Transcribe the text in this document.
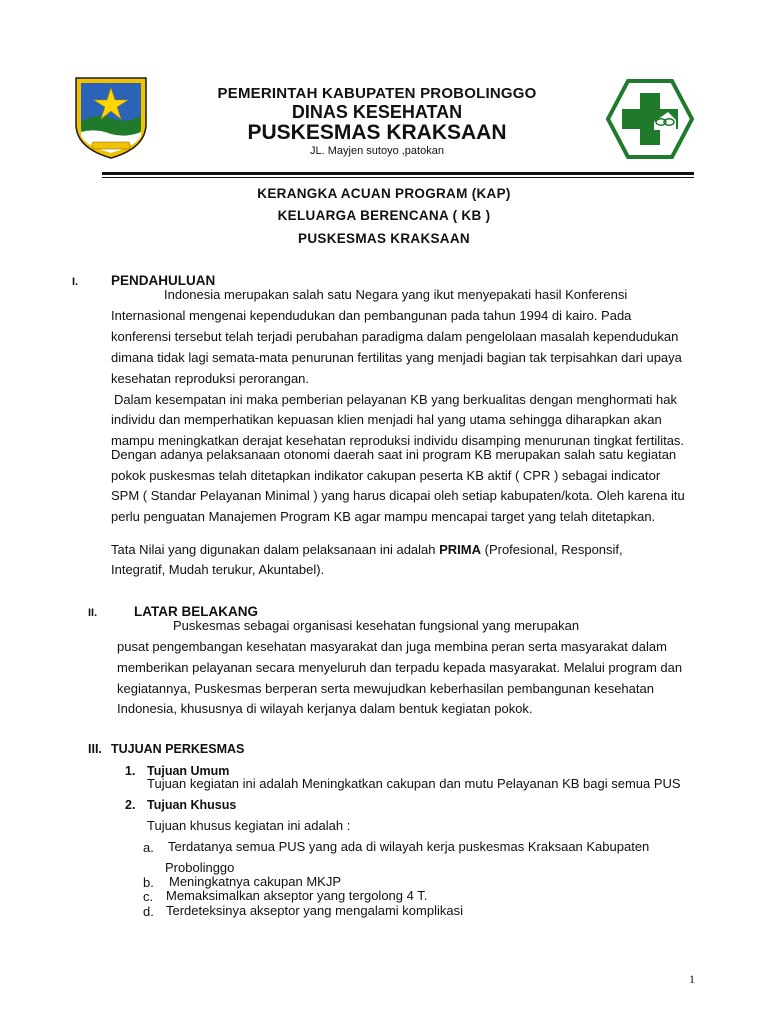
PEMERINTAH KABUPATEN PROBOLINGGO
DINAS KESEHATAN
PUSKESMAS KRAKSAAN
JL. Mayjen sutoyo ,patokan
KERANGKA ACUAN PROGRAM (KAP)
KELUARGA BERENCANA ( KB )
PUSKESMAS KRAKSAAN
I. PENDAHULUAN
Indonesia merupakan salah satu Negara yang ikut menyepakati hasil Konferensi
Internasional mengenai kependudukan dan pembangunan pada tahun 1994 di kairo. Pada
konferensi tersebut telah terjadi perubahan paradigma dalam pengelolaan masalah kependudukan
dimana tidak lagi semata-mata penurunan fertilitas yang menjadi bagian tak terpisahkan dari upaya
kesehatan reproduksi perorangan.
Dalam kesempatan ini maka pemberian pelayanan KB yang berkualitas dengan menghormati hak
individu dan memperhatikan kepuasan klien menjadi hal yang utama sehingga diharapkan akan
mampu meningkatkan derajat kesehatan reproduksi individu disamping menurunan tingkat fertilitas.
Dengan adanya pelaksanaan otonomi daerah saat ini program KB merupakan salah satu kegiatan
pokok puskesmas telah ditetapkan indikator cakupan peserta KB aktif ( CPR ) sebagai indicator
SPM ( Standar Pelayanan Minimal ) yang harus dicapai oleh setiap kabupaten/kota. Oleh karena itu
perlu penguatan Manajemen Program KB agar mampu mencapai target yang telah ditetapkan.
Tata Nilai yang digunakan dalam pelaksanaan ini adalah PRIMA (Profesional, Responsif,
Integratif, Mudah terukur, Akuntabel).
II.	LATAR BELAKANG
Puskesmas sebagai organisasi kesehatan fungsional yang merupakan
pusat pengembangan kesehatan masyarakat dan juga membina peran serta masyarakat dalam
memberikan pelayanan secara menyeluruh dan terpadu kepada masyarakat. Melalui program dan
kegiatannya, Puskesmas berperan serta mewujudkan keberhasilan pembangunan kesehatan
Indonesia, khususnya di wilayah kerjanya dalam bentuk kegiatan pokok.
III. TUJUAN PERKESMAS
1. Tujuan Umum
Tujuan kegiatan ini adalah Meningkatkan cakupan dan mutu Pelayanan KB bagi semua PUS
2. Tujuan Khusus
Tujuan khusus kegiatan ini adalah :
a. Terdatanya semua PUS yang ada di wilayah kerja puskesmas Kraksaan Kabupaten
Probolinggo
b. Meningkatnya cakupan MKJP
c. Memaksimalkan akseptor yang tergolong 4 T.
d. Terdeteksinya akseptor yang mengalami komplikasi
1
